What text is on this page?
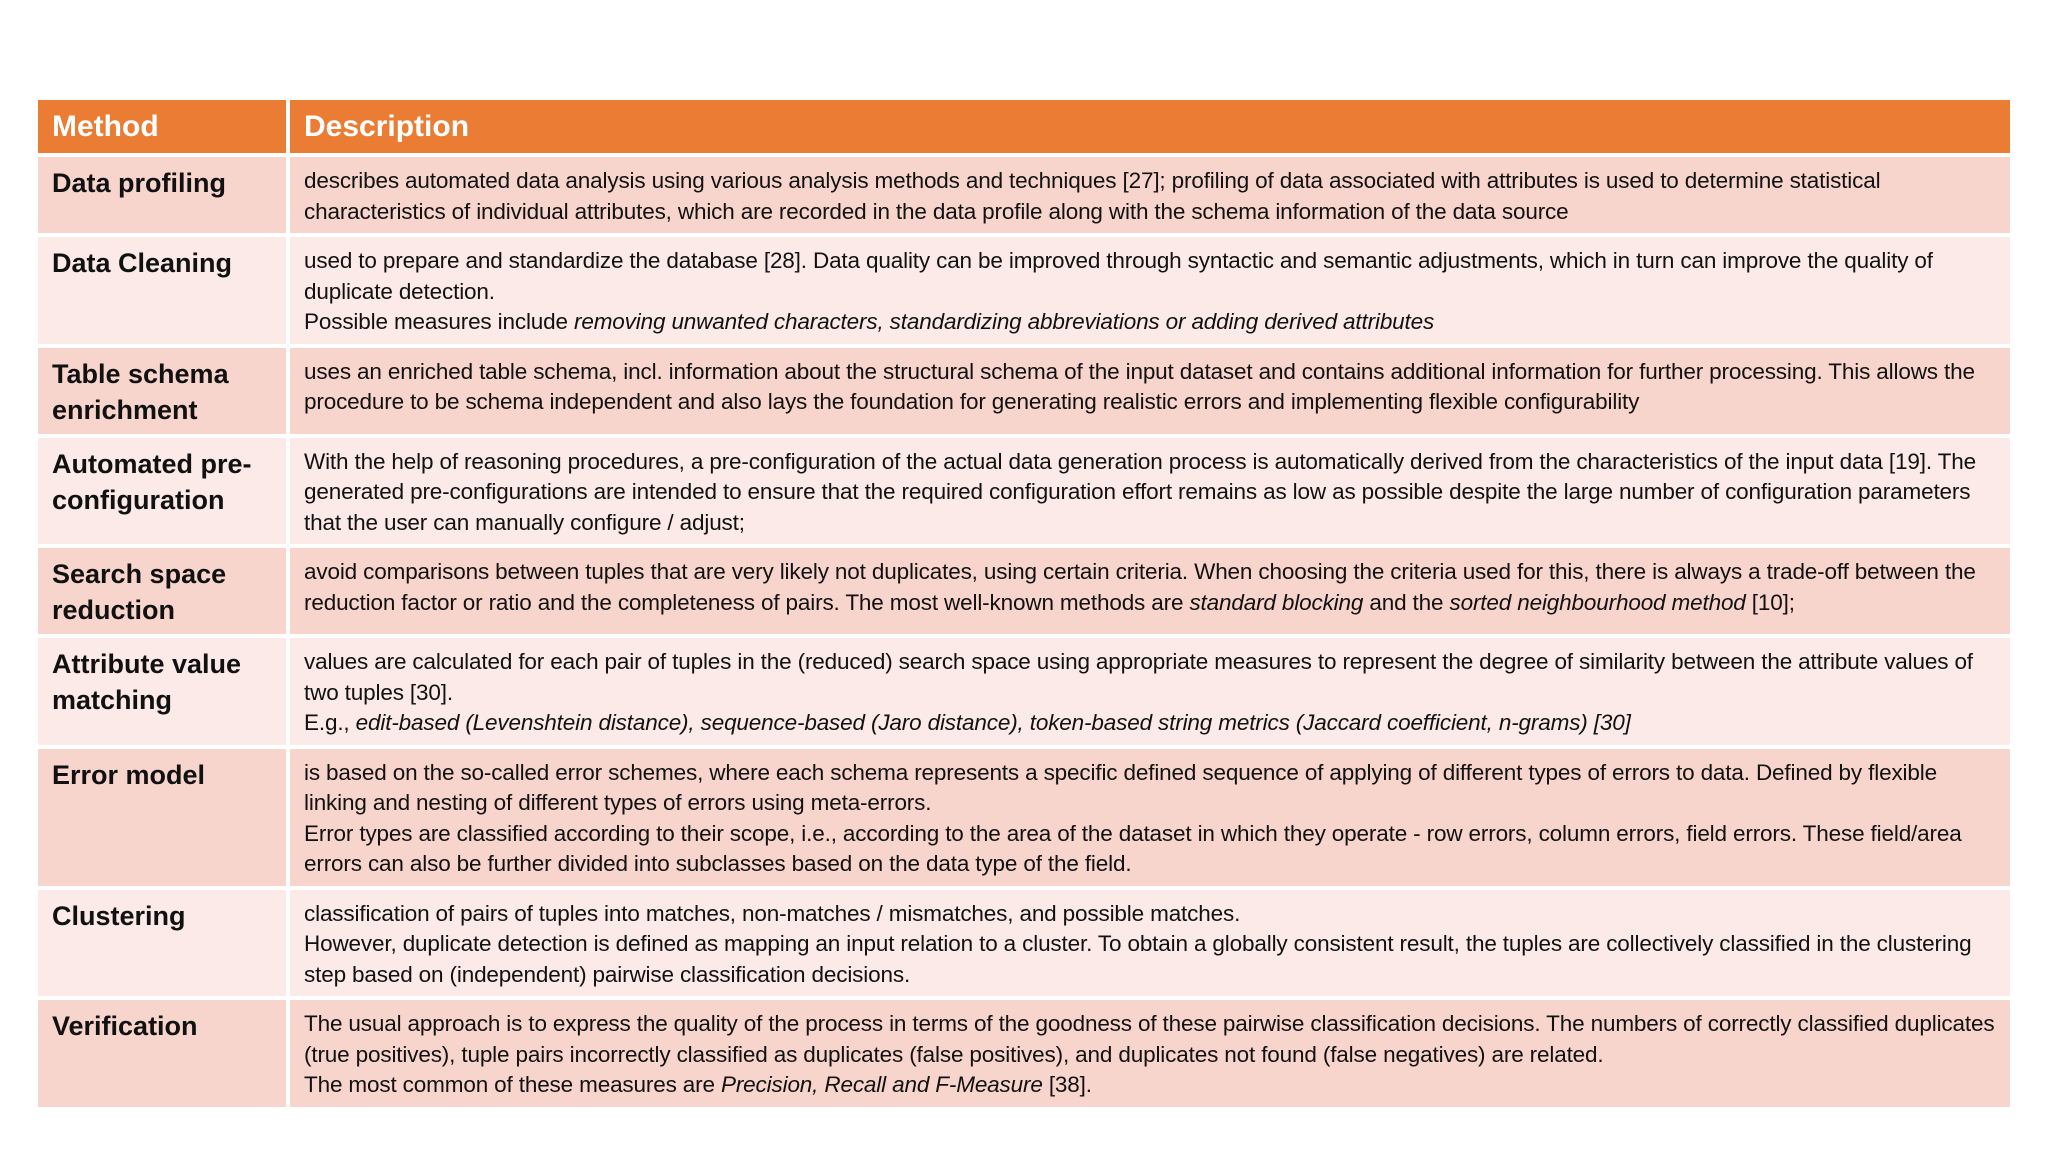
Method	Description
Data profiling	describes automated data analysis using various analysis methods and techniques [27]; profiling of data associated with attributes is used to determine statistical characteristics of individual attributes, which are recorded in the data profile along with the schema information of the data source

Data Cleaning	used to prepare and standardize the database [28]. Data quality can be improved through syntactic and semantic adjustments, which in turn can improve the quality of duplicate detection.
Possible measures include removing unwanted characters, standardizing abbreviations or adding derived attributes

Table schema enrichment	uses an enriched table schema, incl. information about the structural schema of the input dataset and contains additional information for further processing. This allows the procedure to be schema independent and also lays the foundation for generating realistic errors and implementing flexible configurability

Automated pre-configuration	With the help of reasoning procedures, a pre-configuration of the actual data generation process is automatically derived from the characteristics of the input data [19]. The generated pre-configurations are intended to ensure that the required configuration effort remains as low as possible despite the large number of configuration parameters that the user can manually configure / adjust;

Search space reduction	avoid comparisons between tuples that are very likely not duplicates, using certain criteria. When choosing the criteria used for this, there is always a trade-off between the reduction factor or ratio and the completeness of pairs. The most well-known methods are standard blocking and the sorted neighbourhood method [10];

Attribute value matching	values are calculated for each pair of tuples in the (reduced) search space using appropriate measures to represent the degree of similarity between the attribute values of two tuples [30].
E.g., edit-based (Levenshtein distance), sequence-based (Jaro distance), token-based string metrics (Jaccard coefficient, n-grams) [30]

Error model	is based on the so-called error schemes, where each schema represents a specific defined sequence of applying of different types of errors to data. Defined by flexible linking and nesting of different types of errors using meta-errors.
Error types are classified according to their scope, i.e., according to the area of the dataset in which they operate - row errors, column errors, field errors. These field/area errors can also be further divided into subclasses based on the data type of the field.

Clustering	classification of pairs of tuples into matches, non-matches / mismatches, and possible matches.
However, duplicate detection is defined as mapping an input relation to a cluster. To obtain a globally consistent result, the tuples are collectively classified in the clustering step based on (independent) pairwise classification decisions.

Verification	The usual approach is to express the quality of the process in terms of the goodness of these pairwise classification decisions. The numbers of correctly classified duplicates (true positives), tuple pairs incorrectly classified as duplicates (false positives), and duplicates not found (false negatives) are related.
The most common of these measures are Precision, Recall and F-Measure [38].
